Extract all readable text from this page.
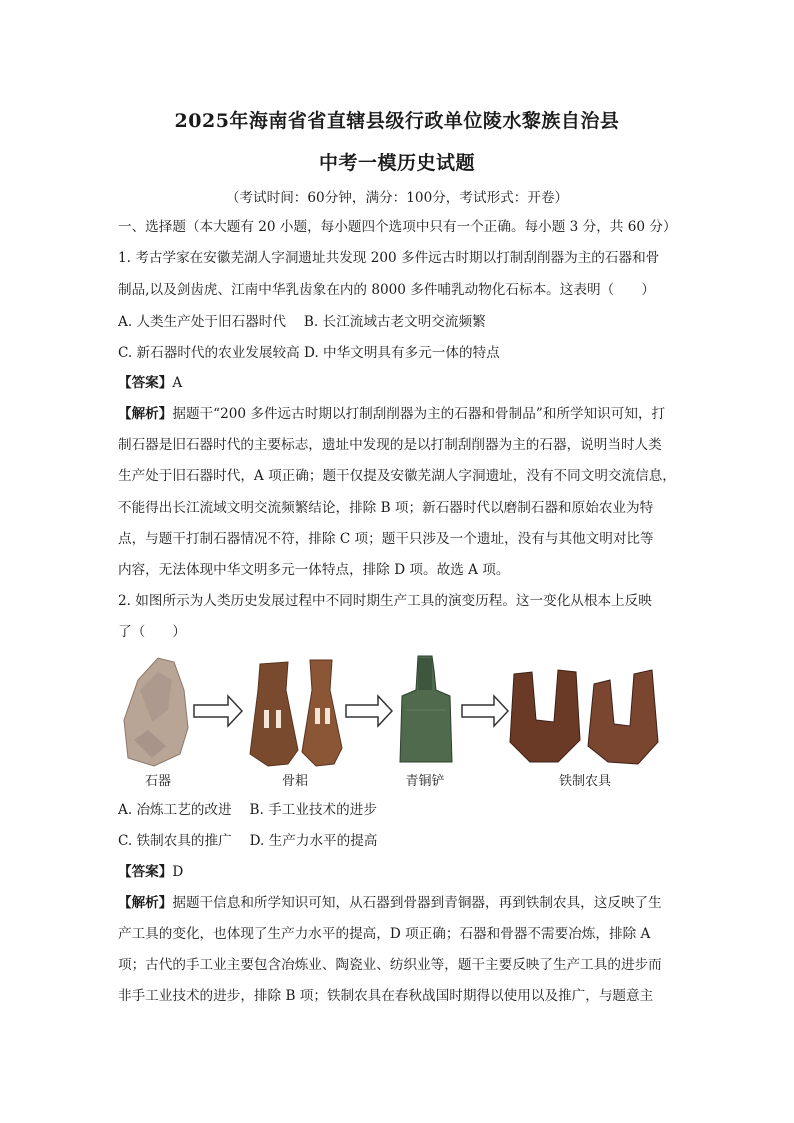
2025年海南省省直辖县级行政单位陵水黎族自治县
中考一模历史试题
（考试时间：60分钟，满分：100分，考试形式：开卷）
一、选择题（本大题有 20 小题，每小题四个选项中只有一个正确。每小题 3 分，共 60 分）
1. 考古学家在安徽芜湖人字洞遗址共发现 200 多件远古时期以打制刮削器为主的石器和骨
制品,以及剑齿虎、江南中华乳齿象在内的 8000 多件哺乳动物化石标本。这表明（　　）
A. 人类生产处于旧石器时代　 B. 长江流域古老文明交流频繁
C. 新石器时代的农业发展较高 D. 中华文明具有多元一体的特点
【答案】A
【解析】据题干“200 多件远古时期以打制刮削器为主的石器和骨制品”和所学知识可知，打
制石器是旧石器时代的主要标志，遗址中发现的是以打制刮削器为主的石器，说明当时人类
生产处于旧石器时代，A 项正确；题干仅提及安徽芜湖人字洞遗址，没有不同文明交流信息，
不能得出长江流域文明交流频繁结论，排除 B 项；新石器时代以磨制石器和原始农业为特
点，与题干打制石器情况不符，排除 C 项；题干只涉及一个遗址，没有与其他文明对比等
内容，无法体现中华文明多元一体特点，排除 D 项。故选 A 项。
2. 如图所示为人类历史发展过程中不同时期生产工具的演变历程。这一变化从根本上反映
了（　　）
石器	骨耜	青铜铲	铁制农具
A. 冶炼工艺的改进　 B. 手工业技术的进步
C. 铁制农具的推广　 D. 生产力水平的提高
【答案】D
【解析】据题干信息和所学知识可知，从石器到骨器到青铜器，再到铁制农具，这反映了生
产工具的变化，也体现了生产力水平的提高，D 项正确；石器和骨器不需要冶炼，排除 A
项；古代的手工业主要包含冶炼业、陶瓷业、纺织业等，题干主要反映了生产工具的进步而
非手工业技术的进步，排除 B 项；铁制农具在春秋战国时期得以使用以及推广，与题意主
